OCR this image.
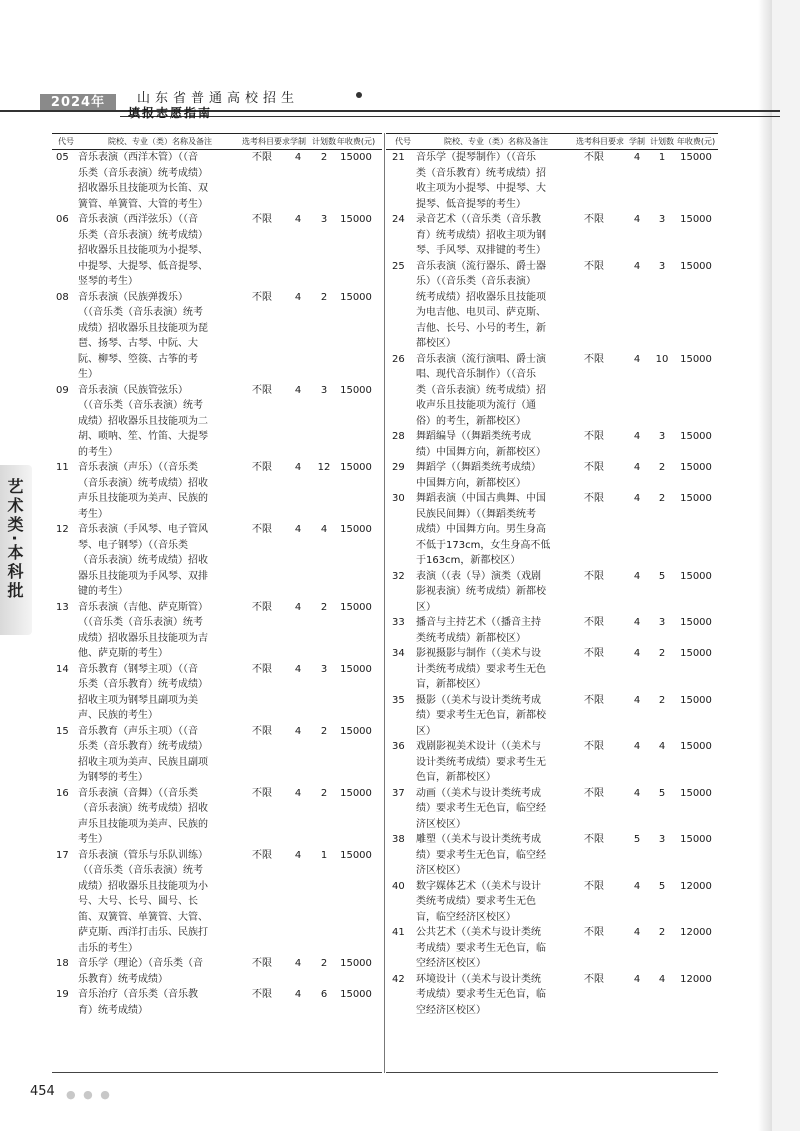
2024年	山东省普通高校招生
填报志愿指南
艺术类·本科批
代号	院校、专业（类）名称及备注	选考科目要求 学制 计划数 年收费(元)
05 音乐表演（西洋木管）（（音
乐类（音乐表演）统考成绩）
招收器乐且技能项为长笛、双
簧管、单簧管、大管的考生）
不限	4	2	15000
06 音乐表演（西洋弦乐）（（音
乐类（音乐表演）统考成绩）
招收器乐且技能项为小提琴、
中提琴、大提琴、低音提琴、
竖琴的考生）
不限	4	3	15000
08 音乐表演（民族弹拨乐）
（（音乐类（音乐表演）统考
成绩）招收器乐且技能项为琵
琶、扬琴、古琴、中阮、大
阮、柳琴、箜篌、古筝的考
生）
不限	4	2	15000
09 音乐表演（民族管弦乐）
（（音乐类（音乐表演）统考
成绩）招收器乐且技能项为二
胡、唢呐、笙、竹笛、大提琴
的考生）
不限	4	3	15000
11 音乐表演（声乐）（（音乐类
（音乐表演）统考成绩）招收
声乐且技能项为美声、民族的
考生）
不限	4	12 15000
12 音乐表演（手风琴、电子管风
琴、电子钢琴）（（音乐类
（音乐表演）统考成绩）招收
器乐且技能项为手风琴、双排
键的考生）
不限	4	4	15000
13 音乐表演（吉他、萨克斯管）
（（音乐类（音乐表演）统考
成绩）招收器乐且技能项为吉
他、萨克斯的考生）
不限	4	2	15000
14 音乐教育（钢琴主项）（（音
乐类（音乐教育）统考成绩）
招收主项为钢琴且副项为美
声、民族的考生）
不限	4	3	15000
15 音乐教育（声乐主项）（（音
乐类（音乐教育）统考成绩）
招收主项为美声、民族且副项
为钢琴的考生）
不限	4	2	15000
16 音乐表演（音舞）（（音乐类
（音乐表演）统考成绩）招收
声乐且技能项为美声、民族的
考生）
不限	4	2	15000
17 音乐表演（管乐与乐队训练）
（（音乐类（音乐表演）统考
成绩）招收器乐且技能项为小
号、大号、长号、圆号、长
笛、双簧管、单簧管、大管、
萨克斯、西洋打击乐、民族打
击乐的考生）
不限	4	1	15000
18 音乐学（理论）（音乐类（音
乐教育）统考成绩）
不限	4	2	15000
19 音乐治疗（音乐类（音乐教
育）统考成绩）
不限	4	6	15000
代号	院校、专业（类）名称及备注	选考科目要求 学制 计划数 年收费(元)
21	音乐学（提琴制作）（（音乐
类（音乐教育）统考成绩）招
收主项为小提琴、中提琴、大
提琴、低音提琴的考生）
不限	4	1	15000
24	录音艺术（（音乐类（音乐教
育）统考成绩）招收主项为钢
琴、手风琴、双排键的考生）
不限	4	3	15000
25	音乐表演（流行器乐、爵士器
乐）（（音乐类（音乐表演）
统考成绩）招收器乐且技能项
为电吉他、电贝司、萨克斯、
吉他、长号、小号的考生，新
都校区）
不限	4	3	15000
26	音乐表演（流行演唱、爵士演
唱、现代音乐制作）（（音乐
类（音乐表演）统考成绩）招
收声乐且技能项为流行（通
俗）的考生，新都校区）
不限	4	10	15000
28	舞蹈编导（（舞蹈类统考成
绩）中国舞方向，新都校区）
不限	4	3	15000
29	舞蹈学（（舞蹈类统考成绩）
中国舞方向，新都校区）
不限	4	2	15000
30	舞蹈表演（中国古典舞、中国
民族民间舞）（（舞蹈类统考
成绩）中国舞方向。男生身高
不低于173cm，女生身高不低
于163cm，新都校区）
不限	4	2	15000
32	表演（（表（导）演类（戏剧
影视表演）统考成绩）新都校
区）
不限	4	5	15000
33	播音与主持艺术（（播音主持
类统考成绩）新都校区）
不限	4	3	15000
34	影视摄影与制作（（美术与设
计类统考成绩）要求考生无色
盲，新都校区）
不限	4	2	15000
35	摄影（（美术与设计类统考成
绩）要求考生无色盲，新都校
区）
不限	4	2	15000
36	戏剧影视美术设计（（美术与
设计类统考成绩）要求考生无
色盲，新都校区）
不限	4	4	15000
37	动画（（美术与设计类统考成
绩）要求考生无色盲，临空经
济区校区）
不限	4	5	15000
38	雕塑（（美术与设计类统考成
绩）要求考生无色盲，临空经
济区校区）
不限	5	3	15000
40	数字媒体艺术（（美术与设计
类统考成绩）要求考生无色
盲，临空经济区校区）
不限	4	5	12000
41	公共艺术（（美术与设计类统
考成绩）要求考生无色盲，临
空经济区校区）
不限	4	2	12000
42	环境设计（（美术与设计类统
考成绩）要求考生无色盲，临
空经济区校区）
不限	4	4	12000
454 ● ● ●
